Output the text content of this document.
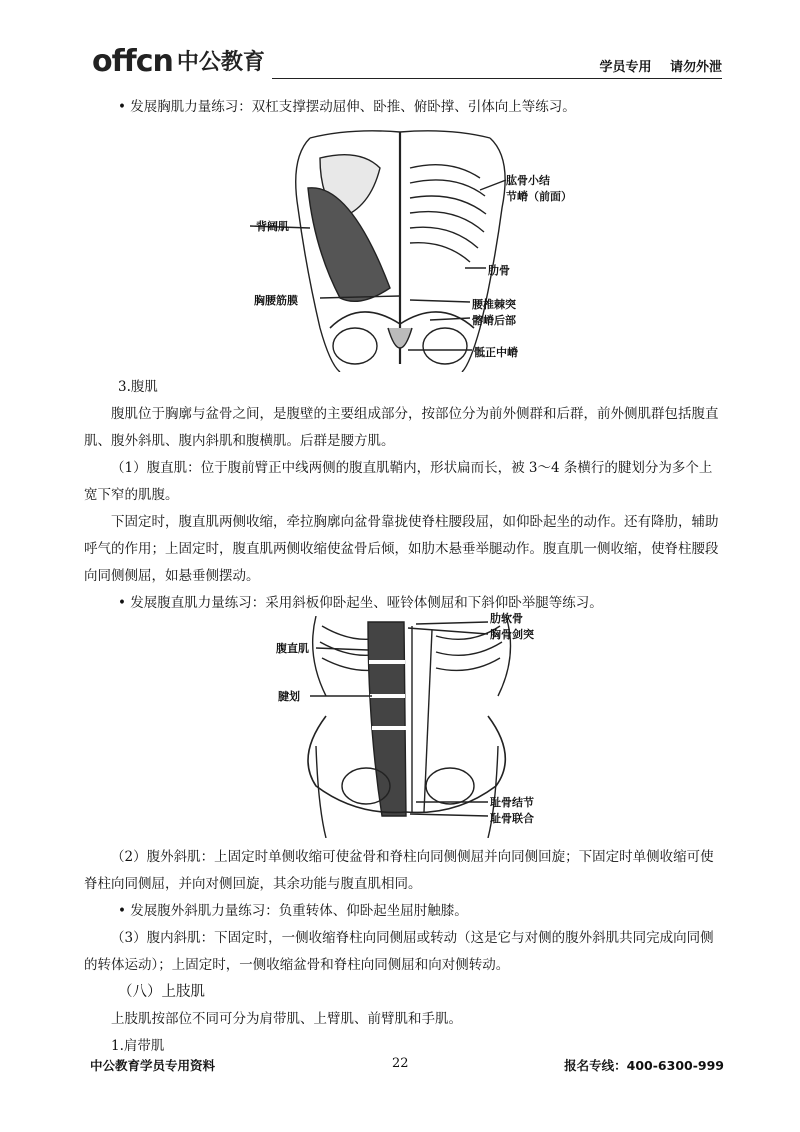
offcn 中公教育	学员专用 请勿外泄

• 发展胸肌力量练习：双杠支撑摆动屈伸、卧推、俯卧撑、引体向上等练习。

肱骨小结
节嵴（前面）
背阔肌
肋骨
胸腰筋膜	腰椎棘突
髂嵴后部
骶正中嵴

3.腹肌

腹肌位于胸廓与盆骨之间，是腹壁的主要组成部分，按部位分为前外侧群和后群，前外侧肌群包括腹直肌、腹外斜肌、腹内斜肌和腹横肌。后群是腰方肌。

（1）腹直肌：位于腹前臂正中线两侧的腹直肌鞘内，形状扁而长，被 3～4 条横行的腱划分为多个上宽下窄的肌腹。

下固定时，腹直肌两侧收缩，牵拉胸廓向盆骨靠拢使脊柱腰段屈，如仰卧起坐的动作。还有降肋，辅助呼气的作用；上固定时，腹直肌两侧收缩使盆骨后倾，如肋木悬垂举腿动作。腹直肌一侧收缩，使脊柱腰段向同侧侧屈，如悬垂侧摆动。

• 发展腹直肌力量练习：采用斜板仰卧起坐、哑铃体侧屈和下斜仰卧举腿等练习。

肋软骨
胸骨剑突
腹直肌
腱划
耻骨结节
耻骨联合

（2）腹外斜肌：上固定时单侧收缩可使盆骨和脊柱向同侧侧屈并向同侧回旋；下固定时单侧收缩可使脊柱向同侧屈，并向对侧回旋，其余功能与腹直肌相同。

• 发展腹外斜肌力量练习：负重转体、仰卧起坐屈肘触膝。

（3）腹内斜肌：下固定时，一侧收缩脊柱向同侧屈或转动（这是它与对侧的腹外斜肌共同完成向同侧的转体运动）；上固定时，一侧收缩盆骨和脊柱向同侧屈和向对侧转动。

（八）上肢肌

上肢肌按部位不同可分为肩带肌、上臂肌、前臂肌和手肌。

1.肩带肌

中公教育学员专用资料	22	报名专线：400-6300-999
